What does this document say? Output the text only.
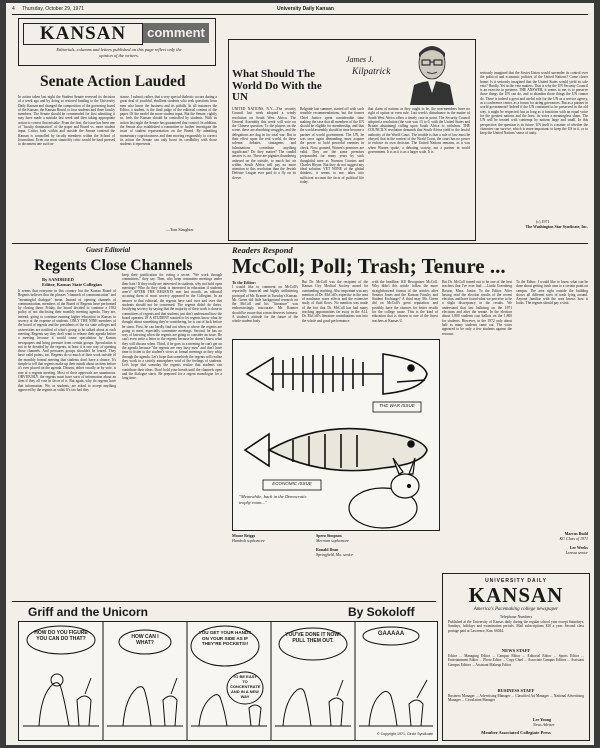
4 Thursday, October 29, 1971	University Daily Kansan
KANSAN	comment
Editorials, columns and letters published on this page reflect only the opinion of the writers.
Senate Action Lauded

In action taken last night the Student Senate reversed its decision of a week ago and by doing so restored funding to the University Daily Kansan and changed the composition of the governing board of the Kansan, the Kansan Board, to four students and three faculty members. The Senate should be commended for first admitting it may have made a mistake last week and then taking appropriate action to correct that mistake. From the first, the issue has been one of "faculty domination" of the paper and Board vs. more student input. Critics both within and outside the Senate contend the Kansan is controlled by faculty members within the School of Journalism. Even our most staunchly critic would be hard pressed to document one such in-

stance. I submit, rather, that a very special dialectic occurs during a great deal of youthful, ebullient students who seek questions from men who know the business and its pitfalls. In all instances the Editor, a student, is the final judge of the editorial content of the paper. Of the model the more student input. But the Senate, rightly so, feels the Kansan should be controlled by students. With its action last night the Senate has guaranteed that control. In addition, the Senate also established a committee to further investigate the issue of student representation on the Board. By admitting momentary capriciousness and then moving responsibly to correct its action the Senate can only boost its credibility with those students it represents.

—Tom Slaughter
What Should The World Do With the UN
James J.
Kilpatrick

UNITED NATIONS, N.Y.—The security Council last week adopted a windy resolution on South West Africa. The General Assembly this week will vote on the Chinese question. To the players on the scene, these are absorbing struggles, and the delegations are dug in for total war. But in their effect upon the real world, do these solemn debates, stratagems and fulminations contribute anything significant? Do they matter? The candid answer is, no. These are pigmies thundering unheard on the outside, to much hot air within. South Africa will pay no more attention to this resolution than the Jewish Defense League ever paid to a fly on its sleeve.

Belgrade last summer, started off with such sensible recommendations, but the former Chief Justice spent considerable time making the case that all members of the UN should be eligible for membership, and that the world assembly should in time become a partner of world government. The UN, he was once again demanding, must acquire the power to hold powerful enemies in check. Now, granted, Warren's premises are valid. They are the same premises propounded for many years by such thoughtful men as Norman Cousins and Charles Rhyne. But they do not suggest any ideal solution. VET NONE of the global thinkers, it seems to me, takes into sufficient account the facts of political life today.

that claim of nations as they ought to be, the non-members have no right of option or even rule. Last week's disturbance in the matter of South West Africa offers a timely case in point. The Security Council adopted a resolution (the vote was 13 to 0, with the United States and Britain abstaining) calling upon South Africa to withdraw. THE COUNCIL'S resolution demands that South Africa yield to the lawful authority of the World Court. The trouble is that a rule of law must be obeyed, that in the context of the World Court, the court has no power to enforce its own decision. The United Nations remains, as it was when Warren spoke, a debating society, not a partner in world government. It is as it is as a larger scale. It is

seriously imagined that the Soviet Union would surrender its control over the political and economic policies of the United Nations? Come closer home: Is it seriously imagined that the United States would yield its sole veto? Hardly. Yet in the veto matters. That is why the UN Security Council is an exercise in pretense. THE ANSWER, it seems to me, is to preserve those things the UN can do, and to abandon those things the UN cannot do. There is indeed a great and useful role for the UN as a service agency, as a conference center, as a forum for airing grievances. But as a partner in world government? Indeed if the UN continued to be preserved in the old way, it might be respected; but as long as it functions with an equal voice for the greatest nations and the least, its votes a meaningless sham. The UN will be treated with contempt by nations large and small. In this perspective, the question is its future. UN itself is a matter of whether the character can survive, which is more important: to keep the US in it, or to keep the United Nations' sense of unity.

(c) 1971
The Washington Star Syndicate, Inc.
Guest Editorial
Regents Close Channels
By SANDREED
Editor, Kansas State Collegian

It seems that everyone in this country but the Kansas Board of Regents believes that the phrases "channels of communication" and "meaningful dialogue" mean. Instead of opening channels of communication, members of the Board of Regents have performed by closing them. Friday, the board decided to continue a 1952 policy of not disclosing their monthly meeting agenda. They are, instead, going to continue running higher education in Kansas in secrecy at the expense of students. ONLY THE NINE members of the board of regents and the presidents of the six state colleges and universities are notified of what's going to be talked about at each meeting. Regents say they don't want to release their agenda before a meeting because it would cause speculation by Kansas newspapers and bring pressure from certain groups. Speculation is not to be dreaded by the regents, at least it is one way of opening those channels. And pressures groups shouldn't be feared. They have valid points, too. Regents do so much of their work outside of the monthly formal meeting that students don't have a chance. It's simple to tell that regents make up their minds about an item before it's ever placed on the agenda. Dissent, either vocally or by vote, is rare at a regents meeting. Most of their approvals are unanimous. OBVIOUSLY, the regents must have sorts of information about an item if they all vote in favor of it. But again, why do regents have that information. We, as students, are asked to accept anything approved by the regents as valid. It's too bad they

keep their justification for voting a secret. "We work through committees," they say. Then, why keep committee meetings under their hats? If they really are interested in students, why not hold open meetings? Who do they think is interested in education if students aren't? AFTER THE REGENTS met last month, an editorial accusing them of most secrecy appeared in the Collegian. In an answer to that editorial, the regents have said over and over that students should not be concerned. The regents didn't do theirs. Justifying secrecy by saying that the majority of their work is done in committees of regents and that students just don't understand how the board operates. IF A STUDENT wanted to let regents know what he thought about something they're considering, he is out of luck before he starts. First, he can hardly find out when or where the regents are going to meet, especially committee meetings. Second, he has no way of knowing when the regents are going to consider an issue. He can't even write a letter to the regents because he doesn't know what they will discuss when. Third, if he goes to a meeting he can't get on the agenda because "the regents are very busy men" and don't have time to listen to the student's views at formal meetings as they whip through the agenda. Let's hope that somebody the regents will realize they work in a strictly atmosphere void of the feelings of students. Let's hope that someday the regents realize that students can contribute their ideas. Don't hold your breath until the channels open and the dialogue starts. Be prepared for a regent monologue for a long time.

Readers Respond
McColl; Poll; Trash; Tenure ...
To the Editor:

I would like to comment on McColl's reportedly financial and highly unflattering portrayal of Mr. Kramer in Tuesday's Kansan. Mr. Green did little background research on the McColl and his "literature" was embarrassingly inaccurate. Mr. Kramer should be aware that a man deserves fairness. A student's attitude for the future of the whole student body.

But Dr. McColl was the recipient of the Kansas City Medical Society award for outstanding teaching. Also important was any mention of Dr. McColl's expertise in the area of nonlinear wave effects and the extensive study of fluid flows. No mention was made of the fact that Dr. McColl has had many teaching opportunities far away in the ALL Dr. McColl's literature contributions was into the whole and good performance.

with the headline: KU Recognizes McColl. Why didn't this article follow the more straightforward format of the articles after Senator Jones and the Kansan Faculty and Student Exchange? A third may Mr. Green did on McColl's great reputation, and possibly have the chances for better results for the college cause. This is the kind of education that is chosen to one of the finest teachers at Kansas U.

THE WAR ISSUE
ECONOMIC ISSUE
"Meanwhile, back in the Democratic trophy room..."

But Dr. McColl turned out to be one of the best teachers that I've ever had. —Linda Greenberg Boston, Mass. Junior. To the Editor: After having read the election results of the recent election, and have found what we perceive to be a slight discrepancy in the results. We understand that last balloting on the 1971 elections and after the senate. In the election about 1,800 students cast ballots on the 1,800 for students. However, in the 1972 only about half as many students came out. The votes appeared to be only a few students against the recount.

To the Editor: I would like to know what can be done about getting trash cans to a certain point on campus. The area right outside the building shows all different sorts of trash lying around. Anyone familiar with the area knows how it looks. The regents should pay a visit.

Moose Briggs
Humbolt sophomore
Spero Simpson
Merriam sophomore
Ronald Dean
Springfield, Mo. senior
Marcus Budd
KU Class of 1971
Lee Weeks
Lenexa senior
UNIVERSITY DAILY
KANSAN
America's Pacemaking college newspaper
Telephone Numbers
Published at the University of Kansas daily during the regular school year except Saturdays, Sundays, holidays and examination periods. Mail subscriptions $10 a year. Second class postage paid at Lawrence, Kan. 66044.
NEWS STAFF
Editor ... Managing Editor ... Campus Editor ... Editorial Editor ... Sports Editor ... Entertainment Editor ... Photo Editor ... Copy Chief ... Associate Campus Editors ... Assistant Campus Editors ... Assistant Makeup Editor
BUSINESS STAFF
Business Manager ... Advertising Manager ... Classified Ad Manager ... National Advertising Manager ... Circulation Manager
Lee Young
News Adviser
Member Associated Collegiate Press
Griff and the Unicorn	By Sokoloff
HOW DO YOU FIGURE YOU CAN DO THAT?	HOW CAN I WHAT?
YOU GET YOUR HANDS ON YOUR SIDE AS IF THEY'RE POCKETS!!
TO BE EASY TO CONCENTRATE AND IN A NEW WAY
YOU'VE DONE IT NOW! PULL THEM OUT.
GAAAAA
© Copyright 1971, Circle Syndicate
